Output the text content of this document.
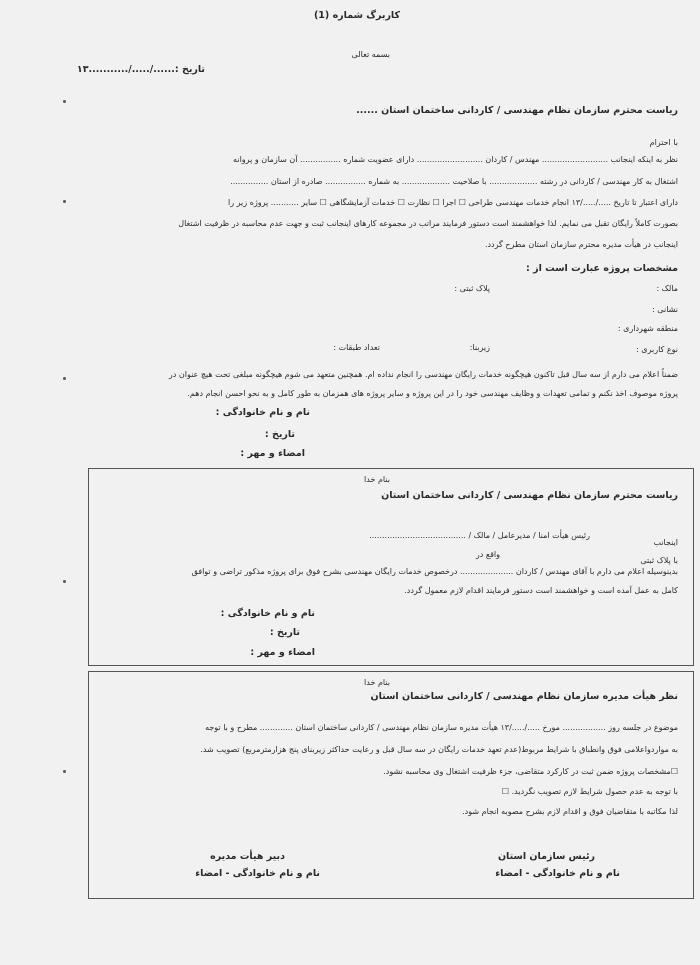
کاربرگ شماره (1)
بسمه تعالی
تاریخ :....../...../...........۱۳
ریاست محترم سازمان نظام مهندسی / کاردانی ساختمان استان ......
با احترام
نظر به اینکه اینجانب .......................... مهندس / کاردان .......................... دارای عضویت شماره ................ آن سازمان و پروانه
اشتغال به کار مهندسی / کاردانی در رشته ................... با صلاحیت ................... به شماره ................ صادره از استان ...............
دارای اعتبار تا تاریخ ...../...../۱۳ انجام خدمات مهندسی طراحی ☐ اجرا ☐ نظارت ☐ خدمات آزمایشگاهی ☐ سایر ........... پروژه زیر را
بصورت کاملاً رایگان تقبل می نمایم. لذا خواهشمند است دستور فرمایند مراتب در مجموعه کارهای اینجانب ثبت و جهت عدم محاسبه در ظرفیت اشتغال
اینجانب در هیأت مدیره محترم سازمان استان مطرح گردد.
مشخصات پروژه عبارت است از :
مالک :
پلاک ثبتی :
نشانی :
منطقه شهرداری :
نوع کاربری :
زیربنا:
تعداد طبقات :
ضمناً اعلام می دارم از سه سال قبل تاکنون هیچگونه خدمات رایگان مهندسی را انجام نداده ام. همچنین متعهد می شوم هیچگونه مبلغی تحت هیچ عنوان در
پروژه موصوف اخذ نکنم و تمامی تعهدات و وظایف مهندسی خود را در این پروژه و سایر پروژه های همزمان به طور کامل و به نحو احسن انجام دهم.
نام و نام خانوادگی :
تاریخ :
امضاء و مهر :
بنام خدا
ریاست محترم سازمان نظام مهندسی / کاردانی ساختمان استان
اینجانب
رئیس هیأت امنا / مدیرعامل / مالک / ......................................
با پلاک ثبتی
واقع در
بدینوسیله اعلام می دارم با آقای مهندس / کاردان ..................... درخصوص خدمات رایگان مهندسی بشرح فوق برای پروژه مذکور تراضی و توافق
کامل به عمل آمده است و خواهشمند است دستور فرمایند اقدام لازم معمول گردد.
نام و نام خانوادگی :
تاریخ :
امضاء و مهر :
بنام خدا
نظر هیأت مدیره سازمان نظام مهندسی / کاردانی ساختمان استان
موضوع در جلسه روز ................. مورخ ...../...../۱۳ هیأت مدیره سازمان نظام مهندسی / کاردانی ساختمان استان ............. مطرح و با توجه
به مواردواعلامی فوق وانطباق با شرایط مربوط(عدم تعهد خدمات رایگان در سه سال قبل و رعایت حداکثر زیربنای پنج هزارمترمربع) تصویب شد.
☐مشخصات پروژه ضمن ثبت در کارکرد متقاضی، جزء ظرفیت اشتغال وی محاسبه نشود.
با توجه به عدم حصول شرایط لازم تصویب نگردید. ☐
لذا مکاتبه با متقاضیان فوق و اقدام لازم بشرح مصوبه انجام شود.
رئیس سازمان استان
نام و نام خانوادگی - امضاء
دبیر هیأت مدیره
نام و نام خانوادگی - امضاء
